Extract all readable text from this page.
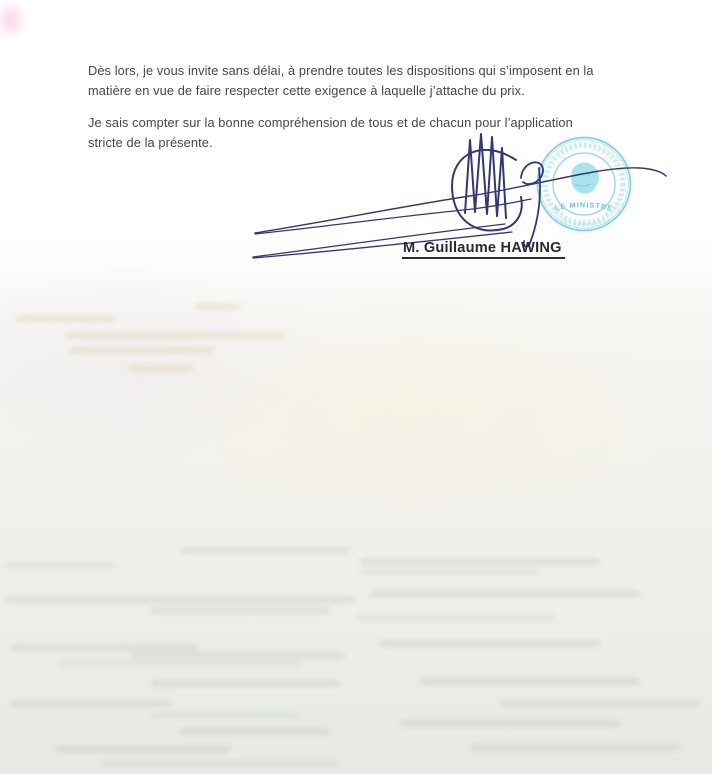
Dès lors, je vous invite sans délai, à prendre toutes les dispositions qui s’imposent en la
matière en vue de faire respecter cette exigence à laquelle j’attache du prix.

Je sais compter sur la bonne compréhension de tous et de chacun pour l’application
stricte de la présente.

LE MINISTRE
M. Guillaume HAWING
